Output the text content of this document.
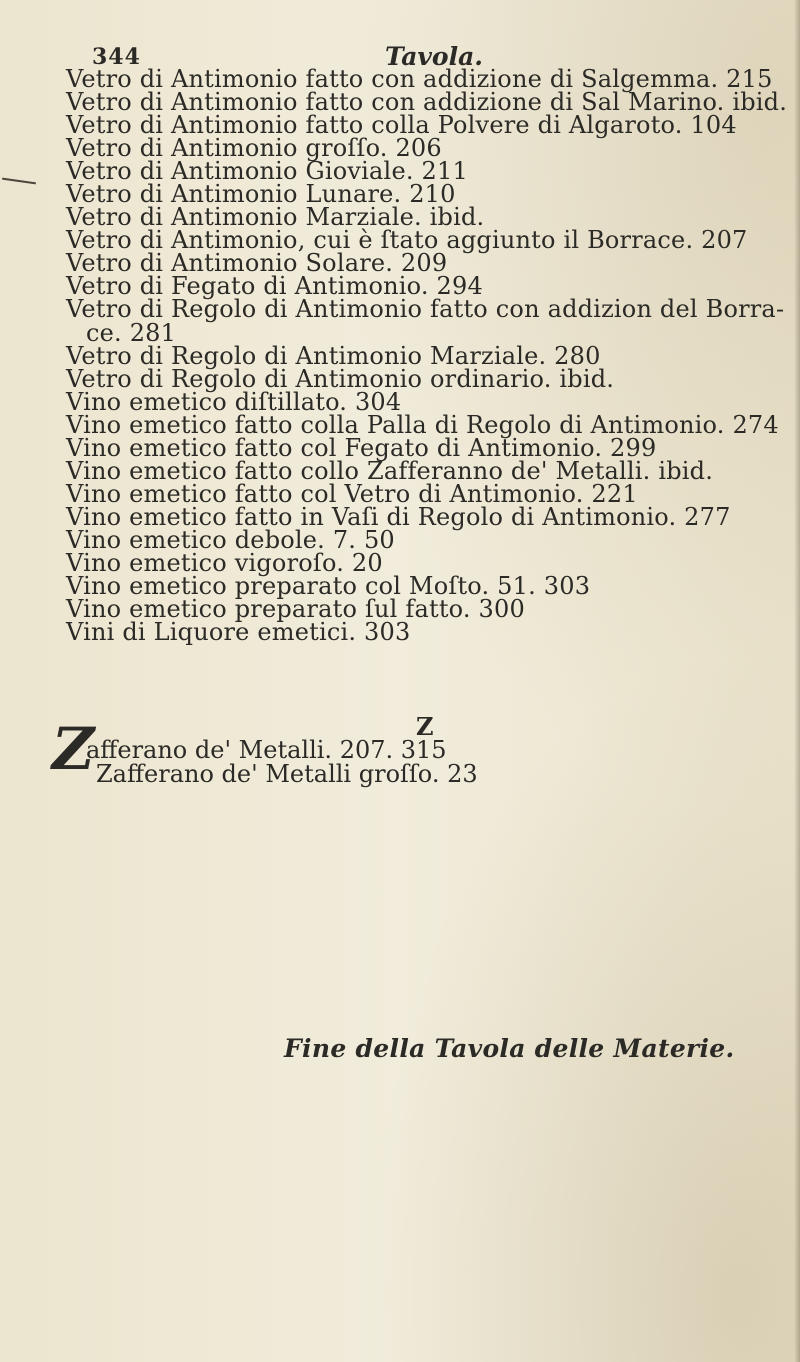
344	Tavola.
Vetro di Antimonio fatto con addizione di Salgemma. 215
Vetro di Antimonio fatto con addizione di Sal Marino. ibid.
Vetro di Antimonio fatto colla Polvere di Algaroto. 104
Vetro di Antimonio groſſo. 206
Vetro di Antimonio Gioviale. 211
Vetro di Antimonio Lunare. 210
Vetro di Antimonio Marziale. ibid.
Vetro di Antimonio, cui è ſtato aggiunto il Borrace. 207
Vetro di Antimonio Solare. 209
Vetro di Fegato di Antimonio. 294
Vetro di Regolo di Antimonio fatto con addizion del Borra-
ce. 281
Vetro di Regolo di Antimonio Marziale. 280
Vetro di Regolo di Antimonio ordinario. ibid.
Vino emetico diſtillato. 304
Vino emetico fatto colla Palla di Regolo di Antimonio. 274
Vino emetico fatto col Fegato di Antimonio. 299
Vino emetico fatto collo Zafferanno de' Metalli. ibid.
Vino emetico fatto col Vetro di Antimonio. 221
Vino emetico fatto in Vaſi di Regolo di Antimonio. 277
Vino emetico debole. 7. 50
Vino emetico vigoroſo. 20
Vino emetico preparato col Moſto. 51. 303
Vino emetico preparato ſul fatto. 300
Vini di Liquore emetici. 303
Z
Z
afferano de' Metalli. 207. 315
Zafferano de' Metalli groſſo. 23
Fine della Tavola delle Materie.
